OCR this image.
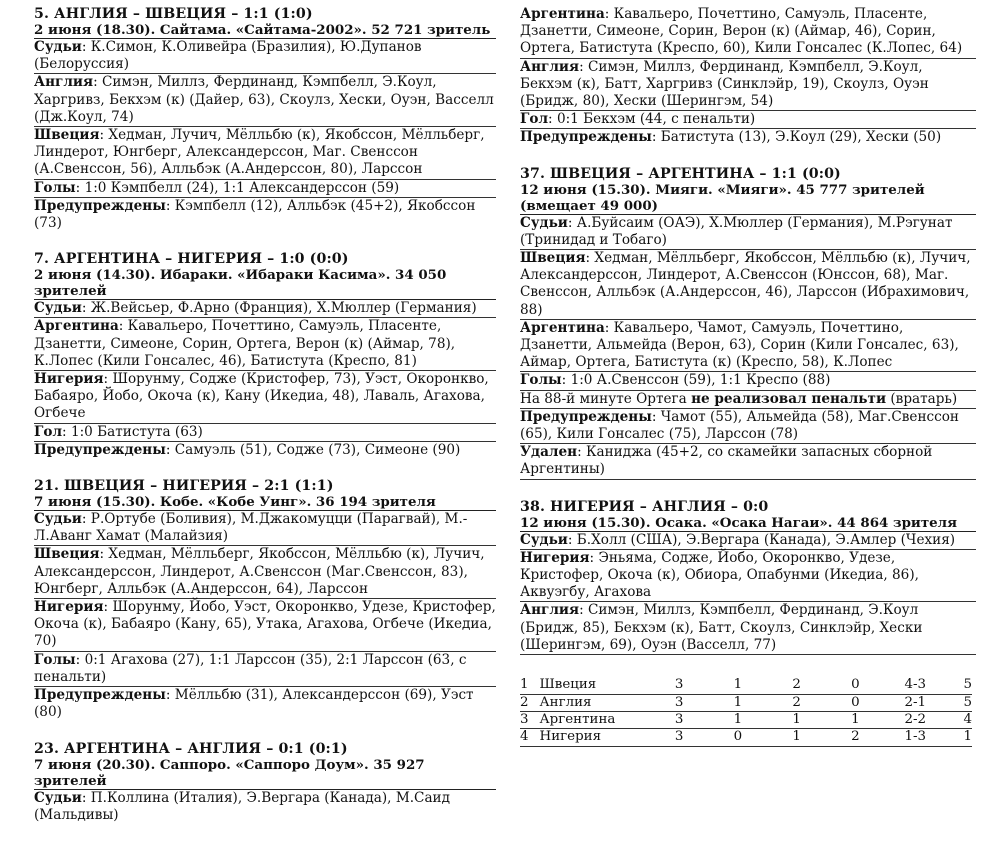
5. АНГЛИЯ – ШВЕЦИЯ – 1:1 (1:0)
2 июня (18.30). Сайтама. «Сайтама-2002». 52 721 зритель
Судьи: К.Симон, К.Оливейра (Бразилия), Ю.Дупанов (Белоруссия)
Англия: Симэн, Миллз, Фердинанд, Кэмпбелл, Э.Коул, Харгривз, Бекхэм (к) (Дайер, 63), Скоулз, Хески, Оуэн, Васселл (Дж.Коул, 74)
Швеция: Хедман, Лучич, Мёлльбю (к), Якобссон, Мёлльберг, Линдерот, Юнгберг, Александерссон, Маг. Свенссон (А.Свенссон, 56), Алльбэк (А.Андерссон, 80), Ларссон
Голы: 1:0 Кэмпбелл (24), 1:1 Александерссон (59)
Предупреждены: Кэмпбелл (12), Алльбэк (45+2), Якобссон (73)
7. АРГЕНТИНА – НИГЕРИЯ – 1:0 (0:0)
2 июня (14.30). Ибараки. «Ибараки Касима». 34 050 зрителей
Судьи: Ж.Вейсьер, Ф.Арно (Франция), Х.Мюллер (Германия)
Аргентина: Кавальеро, Почеттино, Самуэль, Пласенте, Дзанетти, Симеоне, Сорин, Ортега, Верон (к) (Аймар, 78), К.Лопес (Кили Гонсалес, 46), Батистута (Креспо, 81)
Нигерия: Шорунму, Содже (Кристофер, 73), Уэст, Окоронкво, Бабаяро, Йобо, Окоча (к), Кану (Икедиа, 48), Лаваль, Агахова, Огбече
Гол: 1:0 Батистута (63)
Предупреждены: Самуэль (51), Содже (73), Симеоне (90)
21. ШВЕЦИЯ – НИГЕРИЯ – 2:1 (1:1)
7 июня (15.30). Кобе. «Кобе Уинг». 36 194 зрителя
Судьи: Р.Ортубе (Боливия), М.Джакомуцци (Парагвай), М.-Л.Аванг Хамат (Малайзия)
Швеция: Хедман, Мёлльберг, Якобссон, Мёлльбю (к), Лучич, Александерссон, Линдерот, А.Свенссон (Маг.Свенссон, 83), Юнгберг, Алльбэк (А.Андерссон, 64), Ларссон
Нигерия: Шорунму, Йобо, Уэст, Окоронкво, Удезе, Кристофер, Окоча (к), Бабаяро (Кану, 65), Утака, Агахова, Огбече (Икедиа, 70)
Голы: 0:1 Агахова (27), 1:1 Ларссон (35), 2:1 Ларссон (63, с пенальти)
Предупреждены: Мёлльбю (31), Александерссон (69), Уэст (80)
23. АРГЕНТИНА – АНГЛИЯ – 0:1 (0:1)
7 июня (20.30). Саппоро. «Саппоро Доум». 35 927 зрителей
Судьи: П.Коллина (Италия), Э.Вергара (Канада), М.Саид (Мальдивы)
Аргентина: Кавальеро, Почеттино, Самуэль, Пласенте, Дзанетти, Симеоне, Сорин, Верон (к) (Аймар, 46), Сорин, Ортега, Батистута (Креспо, 60), Кили Гонсалес (К.Лопес, 64)
Англия: Симэн, Миллз, Фердинанд, Кэмпбелл, Э.Коул, Бекхэм (к), Батт, Харгривз (Синклэйр, 19), Скоулз, Оуэн (Бридж, 80), Хески (Шерингэм, 54)
Гол: 0:1 Бекхэм (44, с пенальти)
Предупреждены: Батистута (13), Э.Коул (29), Хески (50)
37. ШВЕЦИЯ – АРГЕНТИНА – 1:1 (0:0)
12 июня (15.30). Мияги. «Мияги». 45 777 зрителей (вмещает 49 000)
Судьи: А.Буйсаим (ОАЭ), Х.Мюллер (Германия), М.Рэгунат (Тринидад и Тобаго)
Швеция: Хедман, Мёлльберг, Якобссон, Мёлльбю (к), Лучич, Александерссон, Линдерот, А.Свенссон (Юнссон, 68), Маг. Свенссон, Алльбэк (А.Андерссон, 46), Ларссон (Ибрахимович, 88)
Аргентина: Кавальеро, Чамот, Самуэль, Почеттино, Дзанетти, Альмейда (Верон, 63), Сорин (Кили Гонсалес, 63), Аймар, Ортега, Батистута (к) (Креспо, 58), К.Лопес
Голы: 1:0 А.Свенссон (59), 1:1 Креспо (88)
На 88-й минуте Ортега не реализовал пенальти (вратарь)
Предупреждены: Чамот (55), Альмейда (58), Маг.Свенссон (65), Кили Гонсалес (75), Ларссон (78)
Удален: Каниджа (45+2, со скамейки запасных сборной Аргентины)
38. НИГЕРИЯ – АНГЛИЯ – 0:0
12 июня (15.30). Осака. «Осака Нагаи». 44 864 зрителя
Судьи: Б.Холл (США), Э.Вергара (Канада), Э.Амлер (Чехия)
Нигерия: Эньяма, Содже, Йобо, Окоронкво, Удезе, Кристофер, Окоча (к), Обиора, Опабунми (Икедиа, 86), Аквуэгбу, Агахова
Англия: Симэн, Миллз, Кэмпбелл, Фердинанд, Э.Коул (Бридж, 85), Бекхэм (к), Батт, Скоулз, Синклэйр, Хески (Шерингэм, 69), Оуэн (Васселл, 77)
1	Швеция	3	1	2	0	4-3	5
2	Англия	3	1	2	0	2-1	5
3	Аргентина	3	1	1	1	2-2	4
4	Нигерия	3	0	1	2	1-3	1
